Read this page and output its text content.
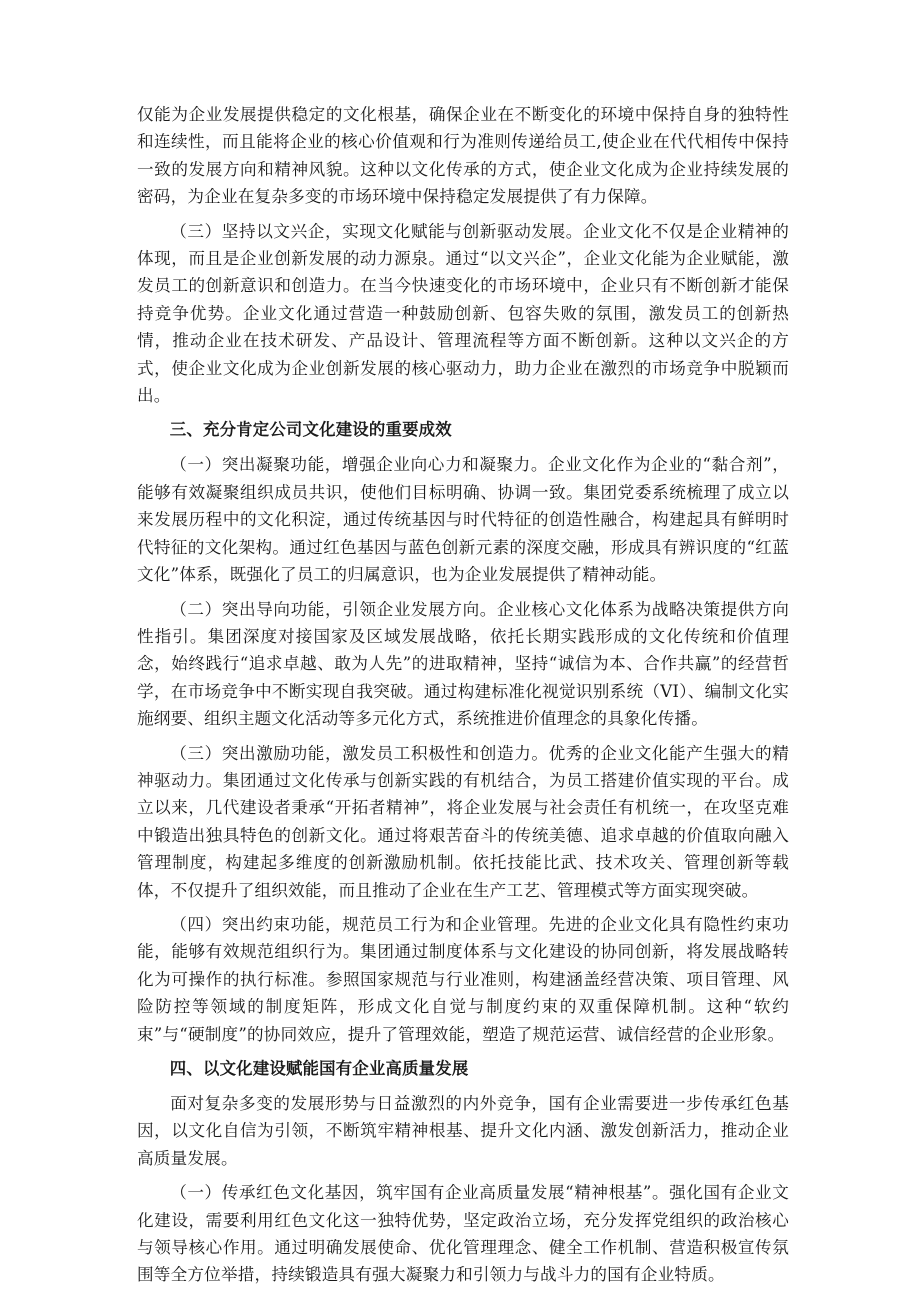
仅能为企业发展提供稳定的文化根基，确保企业在不断变化的环境中保持自身的独特性和连续性，而且能将企业的核心价值观和行为准则传递给员工,使企业在代代相传中保持一致的发展方向和精神风貌。这种以文化传承的方式，使企业文化成为企业持续发展的密码，为企业在复杂多变的市场环境中保持稳定发展提供了有力保障。

（三）坚持以文兴企，实现文化赋能与创新驱动发展。企业文化不仅是企业精神的体现，而且是企业创新发展的动力源泉。通过“以文兴企”，企业文化能为企业赋能，激发员工的创新意识和创造力。在当今快速变化的市场环境中，企业只有不断创新才能保持竞争优势。企业文化通过营造一种鼓励创新、包容失败的氛围，激发员工的创新热情，推动企业在技术研发、产品设计、管理流程等方面不断创新。这种以文兴企的方式，使企业文化成为企业创新发展的核心驱动力，助力企业在激烈的市场竞争中脱颖而出。

三、充分肯定公司文化建设的重要成效

（一）突出凝聚功能，增强企业向心力和凝聚力。企业文化作为企业的“黏合剂”，能够有效凝聚组织成员共识，使他们目标明确、协调一致。集团党委系统梳理了成立以来发展历程中的文化积淀，通过传统基因与时代特征的创造性融合，构建起具有鲜明时代特征的文化架构。通过红色基因与蓝色创新元素的深度交融，形成具有辨识度的“红蓝文化”体系，既强化了员工的归属意识，也为企业发展提供了精神动能。

（二）突出导向功能，引领企业发展方向。企业核心文化体系为战略决策提供方向性指引。集团深度对接国家及区域发展战略，依托长期实践形成的文化传统和价值理念，始终践行“追求卓越、敢为人先”的进取精神，坚持“诚信为本、合作共赢”的经营哲学，在市场竞争中不断实现自我突破。通过构建标准化视觉识别系统（VI）、编制文化实施纲要、组织主题文化活动等多元化方式，系统推进价值理念的具象化传播。

（三）突出激励功能，激发员工积极性和创造力。优秀的企业文化能产生强大的精神驱动力。集团通过文化传承与创新实践的有机结合，为员工搭建价值实现的平台。成立以来，几代建设者秉承“开拓者精神”，将企业发展与社会责任有机统一，在攻坚克难中锻造出独具特色的创新文化。通过将艰苦奋斗的传统美德、追求卓越的价值取向融入管理制度，构建起多维度的创新激励机制。依托技能比武、技术攻关、管理创新等载体，不仅提升了组织效能，而且推动了企业在生产工艺、管理模式等方面实现突破。

（四）突出约束功能，规范员工行为和企业管理。先进的企业文化具有隐性约束功能，能够有效规范组织行为。集团通过制度体系与文化建设的协同创新，将发展战略转化为可操作的执行标准。参照国家规范与行业准则，构建涵盖经营决策、项目管理、风险防控等领域的制度矩阵，形成文化自觉与制度约束的双重保障机制。这种“软约束”与“硬制度”的协同效应，提升了管理效能，塑造了规范运营、诚信经营的企业形象。

四、以文化建设赋能国有企业高质量发展

面对复杂多变的发展形势与日益激烈的内外竞争，国有企业需要进一步传承红色基因，以文化自信为引领，不断筑牢精神根基、提升文化内涵、激发创新活力，推动企业高质量发展。

（一）传承红色文化基因，筑牢国有企业高质量发展“精神根基”。强化国有企业文化建设，需要利用红色文化这一独特优势，坚定政治立场，充分发挥党组织的政治核心与领导核心作用。通过明确发展使命、优化管理理念、健全工作机制、营造积极宣传氛围等全方位举措，持续锻造具有强大凝聚力和引领力与战斗力的国有企业特质。
